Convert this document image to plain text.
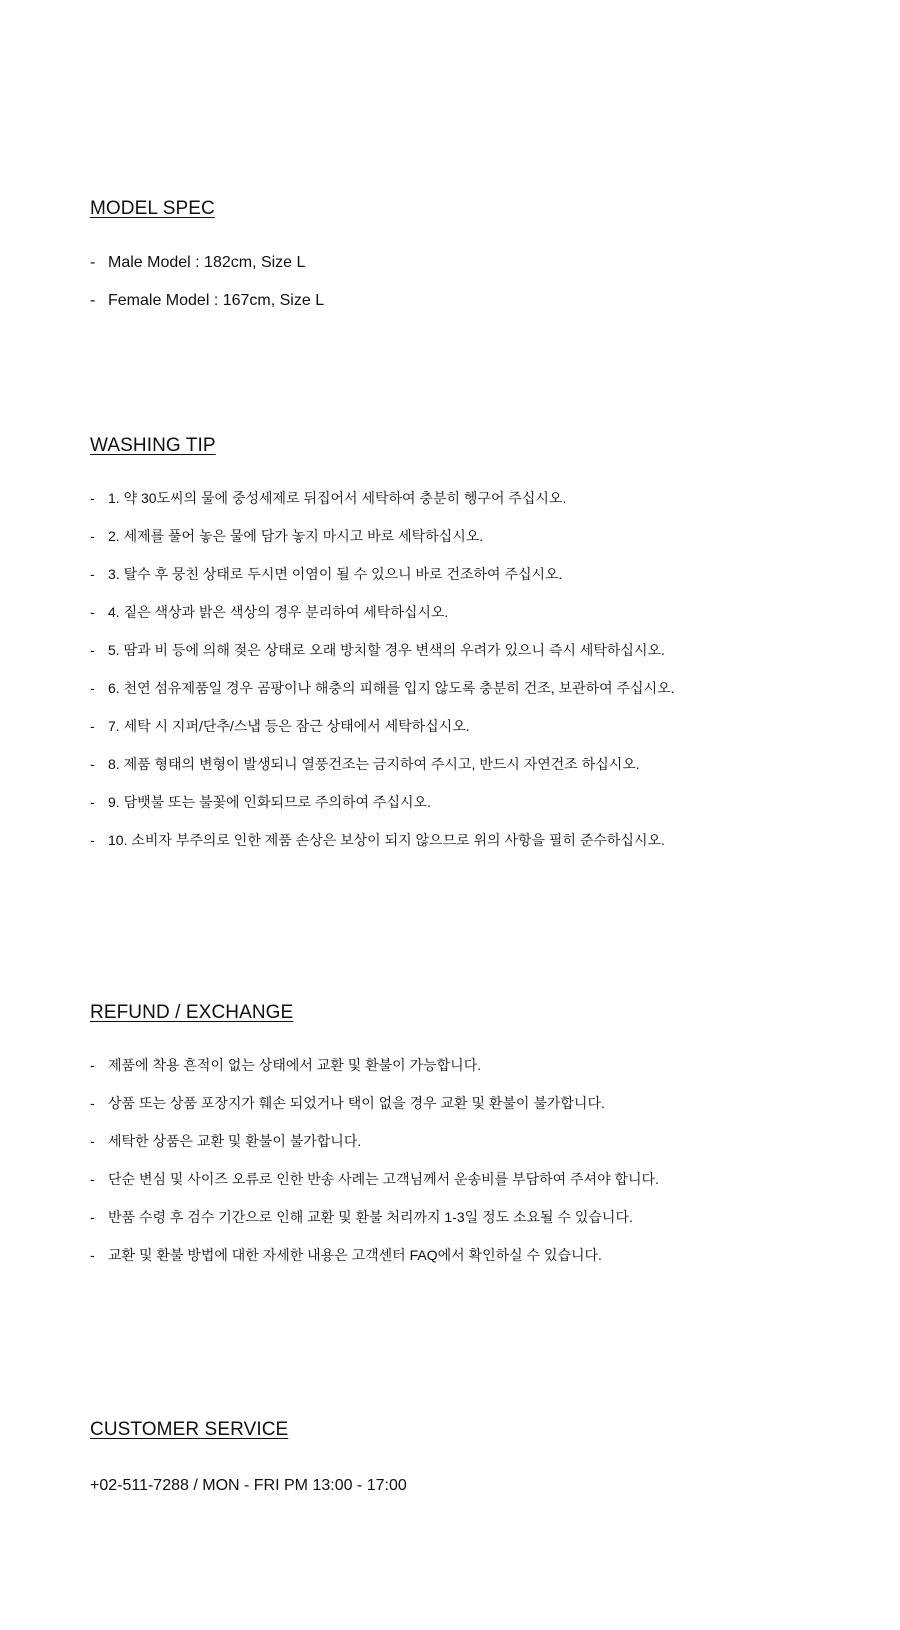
MODEL SPEC
- Male Model : 182cm, Size L
- Female Model : 167cm, Size L
WASHING TIP
- 1. 약 30도씨의 물에 중성세제로 뒤집어서 세탁하여 충분히 헹구어 주십시오.
- 2. 세제를 풀어 놓은 물에 담가 놓지 마시고 바로 세탁하십시오.
- 3. 탈수 후 뭉친 상태로 두시면 이염이 될 수 있으니 바로 건조하여 주십시오.
- 4. 짙은 색상과 밝은 색상의 경우 분리하여 세탁하십시오.
- 5. 땀과 비 등에 의해 젖은 상태로 오래 방치할 경우 변색의 우려가 있으니 즉시 세탁하십시오.
- 6. 천연 섬유제품일 경우 곰팡이나 해충의 피해를 입지 않도록 충분히 건조, 보관하여 주십시오.
- 7. 세탁 시 지퍼/단추/스냅 등은 잠근 상태에서 세탁하십시오.
- 8. 제품 형태의 변형이 발생되니 열풍건조는 금지하여 주시고, 반드시 자연건조 하십시오.
- 9. 담뱃불 또는 불꽃에 인화되므로 주의하여 주십시오.
- 10. 소비자 부주의로 인한 제품 손상은 보상이 되지 않으므로 위의 사항을 필히 준수하십시오.
REFUND / EXCHANGE
- 제품에 착용 흔적이 없는 상태에서 교환 및 환불이 가능합니다.
- 상품 또는 상품 포장지가 훼손 되었거나 택이 없을 경우 교환 및 환불이 불가합니다.
- 세탁한 상품은 교환 및 환불이 불가합니다.
- 단순 변심 및 사이즈 오류로 인한 반송 사례는 고객님께서 운송비를 부담하여 주셔야 합니다.
- 반품 수령 후 검수 기간으로 인해 교환 및 환불 처리까지 1-3일 정도 소요될 수 있습니다.
- 교환 및 환불 방법에 대한 자세한 내용은 고객센터 FAQ에서 확인하실 수 있습니다.
CUSTOMER SERVICE
+02-511-7288 / MON - FRI PM 13:00 - 17:00
